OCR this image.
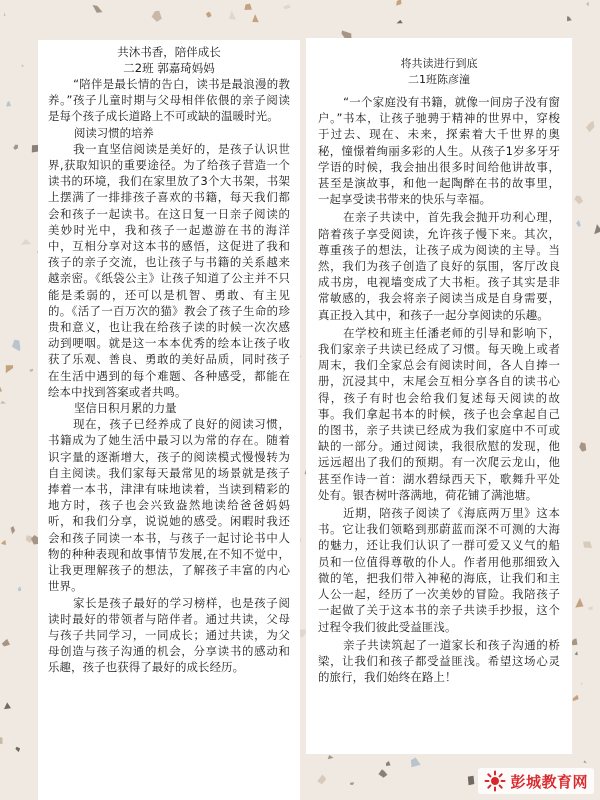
共沐书香，陪伴成长

二2班 郭嘉琦妈妈

“陪伴是最长情的告白，读书是最浪漫的教养。”孩子儿童时期与父母相伴依偎的亲子阅读是每个孩子成长道路上不可或缺的温暖时光。

阅读习惯的培养

我一直坚信阅读是美好的，是孩子认识世界,获取知识的重要途径。为了给孩子营造一个读书的环境，我们在家里放了3个大书架，书架上摆满了一排排孩子喜欢的书籍，每天我们都会和孩子一起读书。在这日复一日亲子阅读的美妙时光中，我和孩子一起遨游在书的海洋中，互相分享对这本书的感悟，这促进了我和孩子的亲子交流，也让孩子与书籍的关系越来越亲密。《纸袋公主》让孩子知道了公主并不只能是柔弱的，还可以是机智、勇敢、有主见的。《活了一百万次的猫》教会了孩子生命的珍贵和意义，也让我在给孩子读的时候一次次感动到哽咽。就是这一本本优秀的绘本让孩子收获了乐观、善良、勇敢的美好品质，同时孩子在生活中遇到的每个难题、各种感受，都能在绘本中找到答案或者共鸣。

坚信日积月累的力量

现在，孩子已经养成了良好的阅读习惯，书籍成为了她生活中最习以为常的存在。随着识字量的逐渐增大，孩子的阅读模式慢慢转为自主阅读。我们家每天最常见的场景就是孩子捧着一本书，津津有味地读着，当读到精彩的地方时，孩子也会兴致盎然地读给爸爸妈妈听，和我们分享，说说她的感受。闲暇时我还会和孩子同读一本书，与孩子一起讨论书中人物的种种表现和故事情节发展,在不知不觉中，让我更理解孩子的想法，了解孩子丰富的内心世界。

家长是孩子最好的学习榜样，也是孩子阅读时最好的带领者与陪伴者。通过共读，父母与孩子共同学习，一同成长；通过共读，为父母创造与孩子沟通的机会，分享读书的感动和乐趣，孩子也获得了最好的成长经历。

将共读进行到底

二1班陈彦潼

“一个家庭没有书籍，就像一间房子没有窗户。”书本，让孩子驰骋于精神的世界中，穿梭于过去、现在、未来，探索着大千世界的奥秘，憧憬着绚丽多彩的人生。从孩子1岁多牙牙学语的时候，我会抽出很多时间给他讲故事，甚至是演故事，和他一起陶醉在书的故事里，一起享受读书带来的快乐与幸福。

在亲子共读中，首先我会抛开功利心理，陪着孩子享受阅读，允许孩子慢下来。其次，尊重孩子的想法，让孩子成为阅读的主导。当然，我们为孩子创造了良好的氛围，客厅改良成书房，电视墙变成了大书柜。孩子其实是非常敏感的，我会将亲子阅读当成是自身需要，真正投入其中，和孩子一起分享阅读的乐趣。

在学校和班主任潘老师的引导和影响下，我们家亲子共读已经成了习惯。每天晚上或者周末，我们全家总会有阅读时间，各人自捧一册，沉浸其中，末尾会互相分享各自的读书心得，孩子有时也会给我们复述每天阅读的故事。我们拿起书本的时候，孩子也会拿起自己的图书，亲子共读已经成为我们家庭中不可或缺的一部分。通过阅读，我很欣慰的发现，他远远超出了我们的预期。有一次爬云龙山，他甚至作诗一首：湖水碧绿西天下，歌舞升平处处有。银杏树叶落满地，荷花铺了满池塘。

近期，陪孩子阅读了《海底两万里》这本书。它让我们领略到那蔚蓝而深不可测的大海的魅力，还让我们认识了一群可爱又义气的船员和一位值得尊敬的仆人。作者用他那细致入微的笔，把我们带入神秘的海底，让我们和主人公一起，经历了一次美妙的冒险。我陪孩子一起做了关于这本书的亲子共读手抄报，这个过程令我们彼此受益匪浅。

亲子共读筑起了一道家长和孩子沟通的桥梁，让我们和孩子都受益匪浅。希望这场心灵的旅行，我们始终在路上！

彭城教育网
